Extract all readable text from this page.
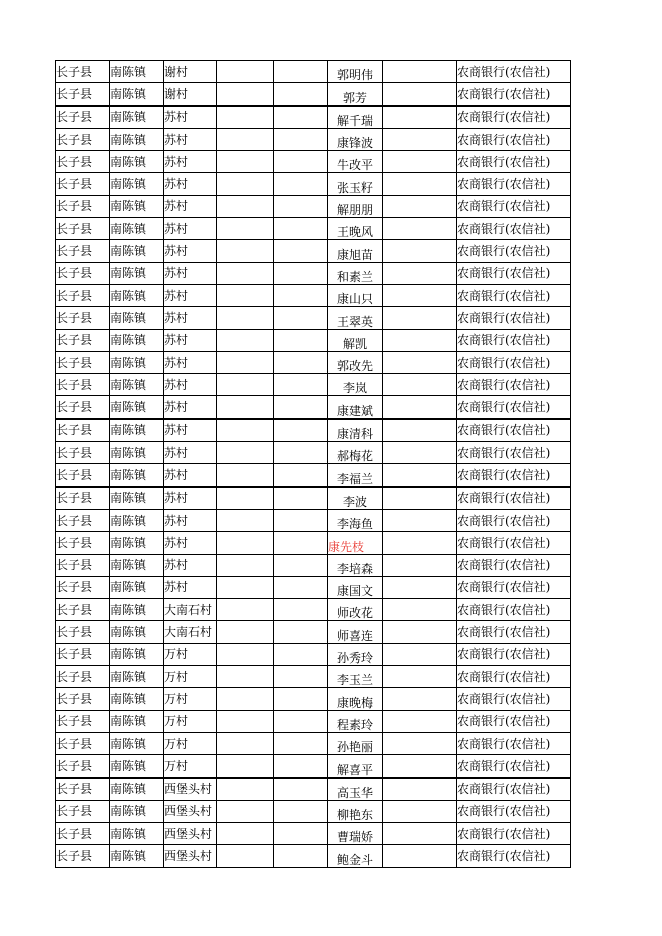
长子县	南陈镇	谢村			郭明伟		农商银行(农信社)
长子县	南陈镇	谢村			郭芳		农商银行(农信社)
长子县	南陈镇	苏村			解千瑞		农商银行(农信社)
长子县	南陈镇	苏村			康锋波		农商银行(农信社)
长子县	南陈镇	苏村			牛改平		农商银行(农信社)
长子县	南陈镇	苏村			张玉籽		农商银行(农信社)
长子县	南陈镇	苏村			解朋朋		农商银行(农信社)
长子县	南陈镇	苏村			王晚风		农商银行(农信社)
长子县	南陈镇	苏村			康旭苗		农商银行(农信社)
长子县	南陈镇	苏村			和素兰		农商银行(农信社)
长子县	南陈镇	苏村			康山只		农商银行(农信社)
长子县	南陈镇	苏村			王翠英		农商银行(农信社)
长子县	南陈镇	苏村			解凯		农商银行(农信社)
长子县	南陈镇	苏村			郭改先		农商银行(农信社)
长子县	南陈镇	苏村			李岚		农商银行(农信社)
长子县	南陈镇	苏村			康建斌		农商银行(农信社)
长子县	南陈镇	苏村			康清科		农商银行(农信社)
长子县	南陈镇	苏村			郝梅花		农商银行(农信社)
长子县	南陈镇	苏村			李福兰		农商银行(农信社)
长子县	南陈镇	苏村			李波		农商银行(农信社)
长子县	南陈镇	苏村			李海鱼		农商银行(农信社)
长子县	南陈镇	苏村			康先枝		农商银行(农信社)
长子县	南陈镇	苏村			李培森		农商银行(农信社)
长子县	南陈镇	苏村			康国文		农商银行(农信社)
长子县	南陈镇	大南石村			师改花		农商银行(农信社)
长子县	南陈镇	大南石村			师喜连		农商银行(农信社)
长子县	南陈镇	万村			孙秀玲		农商银行(农信社)
长子县	南陈镇	万村			李玉兰		农商银行(农信社)
长子县	南陈镇	万村			康晚梅		农商银行(农信社)
长子县	南陈镇	万村			程素玲		农商银行(农信社)
长子县	南陈镇	万村			孙艳丽		农商银行(农信社)
长子县	南陈镇	万村			解喜平		农商银行(农信社)
长子县	南陈镇	西堡头村			高玉华		农商银行(农信社)
长子县	南陈镇	西堡头村			柳艳东		农商银行(农信社)
长子县	南陈镇	西堡头村			曹瑞娇		农商银行(农信社)
长子县	南陈镇	西堡头村			鲍金斗		农商银行(农信社)
